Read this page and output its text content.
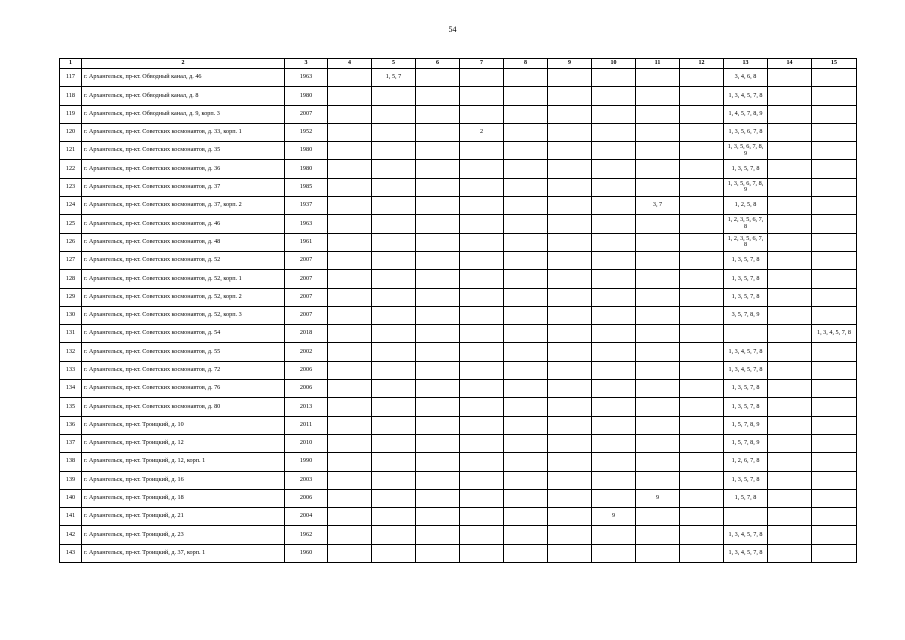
54
1	2	3	4	5	6	7	8	9	10	11	12	13	14	15
117	г. Архангельск, пр-кт. Обводный канал, д. 46	1963		1, 5, 7								3, 4, 6, 8		
118	г. Архангельск, пр-кт. Обводный канал, д. 8	1980										1, 3, 4, 5, 7, 8		
119	г. Архангельск, пр-кт. Обводный канал, д. 9, корп. 3	2007										1, 4, 5, 7, 8, 9		
120	г. Архангельск, пр-кт. Советских космонавтов, д. 33, корп. 1	1952				2						1, 3, 5, 6, 7, 8		
121	г. Архангельск, пр-кт. Советских космонавтов, д. 35	1980										1, 3, 5, 6, 7, 8, 9		
122	г. Архангельск, пр-кт. Советских космонавтов, д. 36	1980										1, 3, 5, 7, 8		
123	г. Архангельск, пр-кт. Советских космонавтов, д. 37	1985										1, 3, 5, 6, 7, 8, 9		
124	г. Архангельск, пр-кт. Советских космонавтов, д. 37, корп. 2	1937								3, 7		1, 2, 5, 8		
125	г. Архангельск, пр-кт. Советских космонавтов, д. 46	1963										1, 2, 3, 5, 6, 7, 8		
126	г. Архангельск, пр-кт. Советских космонавтов, д. 48	1961										1, 2, 3, 5, 6, 7, 8		
127	г. Архангельск, пр-кт. Советских космонавтов, д. 52	2007										1, 3, 5, 7, 8		
128	г. Архангельск, пр-кт. Советских космонавтов, д. 52, корп. 1	2007										1, 3, 5, 7, 8		
129	г. Архангельск, пр-кт. Советских космонавтов, д. 52, корп. 2	2007										1, 3, 5, 7, 8		
130	г. Архангельск, пр-кт. Советских космонавтов, д. 52, корп. 3	2007										3, 5, 7, 8, 9		
131	г. Архангельск, пр-кт. Советских космонавтов, д. 54	2018												1, 3, 4, 5, 7, 8
132	г. Архангельск, пр-кт. Советских космонавтов, д. 55	2002										1, 3, 4, 5, 7, 8		
133	г. Архангельск, пр-кт. Советских космонавтов, д. 72	2006										1, 3, 4, 5, 7, 8		
134	г. Архангельск, пр-кт. Советских космонавтов, д. 76	2006										1, 3, 5, 7, 8		
135	г. Архангельск, пр-кт. Советских космонавтов, д. 80	2013										1, 3, 5, 7, 8		
136	г. Архангельск, пр-кт. Троицкий, д. 10	2011										1, 5, 7, 8, 9		
137	г. Архангельск, пр-кт. Троицкий, д. 12	2010										1, 5, 7, 8, 9		
138	г. Архангельск, пр-кт. Троицкий, д. 12, корп. 1	1990										1, 2, 6, 7, 8		
139	г. Архангельск, пр-кт. Троицкий, д. 16	2003										1, 3, 5, 7, 8		
140	г. Архангельск, пр-кт. Троицкий, д. 18	2006								9		1, 5, 7, 8		
141	г. Архангельск, пр-кт. Троицкий, д. 21	2004							9					
142	г. Архангельск, пр-кт. Троицкий, д. 23	1962										1, 3, 4, 5, 7, 8		
143	г. Архангельск, пр-кт. Троицкий, д. 37, корп. 1	1960										1, 3, 4, 5, 7, 8		
